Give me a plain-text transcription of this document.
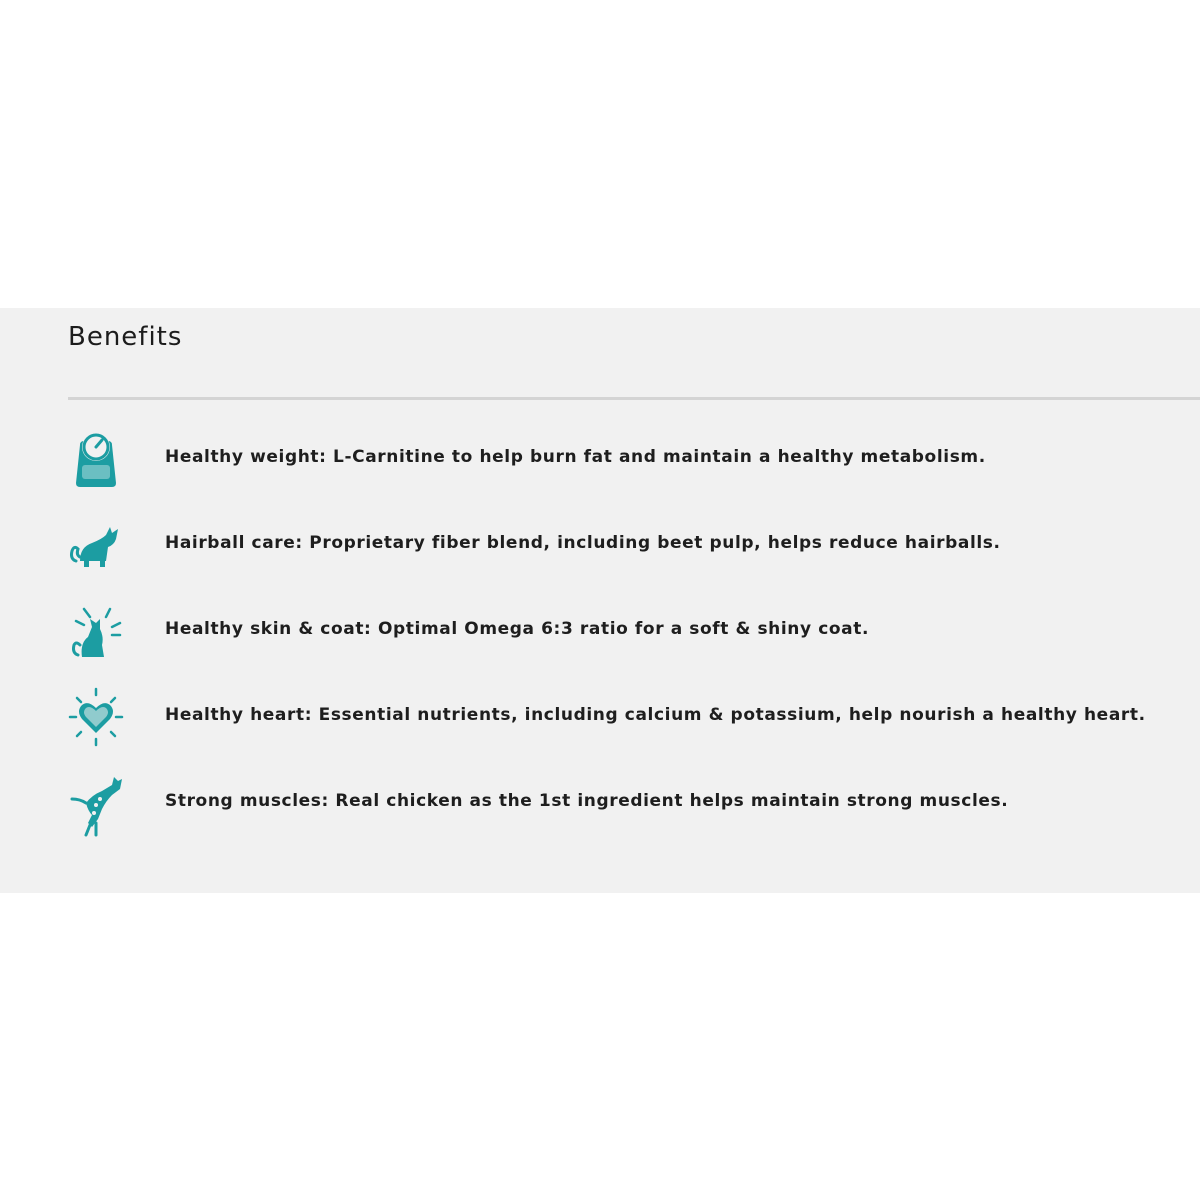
Benefits
Healthy weight: L-Carnitine to help burn fat and maintain a healthy metabolism.
Hairball care: Proprietary fiber blend, including beet pulp, helps reduce hairballs.
Healthy skin & coat: Optimal Omega 6:3 ratio for a soft & shiny coat.
Healthy heart: Essential nutrients, including calcium & potassium, help nourish a healthy heart.
Strong muscles: Real chicken as the 1st ingredient helps maintain strong muscles.
